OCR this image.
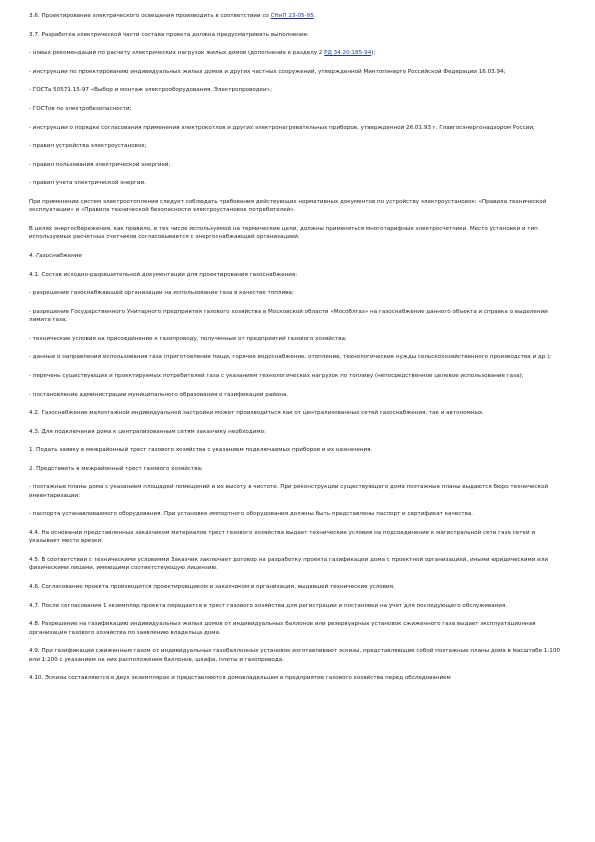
3.6. Проектирование электрического освещения производить в соответствии со СНиП 23-05-95.

3.7. Разработка электрической части состава проекта должна предусматривать выполнение:

- новых рекомендаций по расчету электрических нагрузок жилых домов (дополнение к разделу 2 РД 34.20.185-94);

- инструкции по проектированию индивидуальных жилых домов и других частных сооружений, утвержденной Минтопэнерго Российской Федерации 16.03.94;

- ГОСТа 50571.15-97 «Выбор и монтаж электрооборудования. Электропроводки»;

- ГОСТов по электробезопасности;

- инструкции о порядке согласования применения электрокотлов и других электронагревательных приборов, утвержденной 26.01.93 г. Главгосэнергонадзором России;

- правил устройства электроустановок;

- правил пользования электрической энергией;

- правил учета электрической энергии.

При применении систем электроотопления следует соблюдать требования действующих нормативных документов по устройству электроустановок: «Правила технической эксплуатации» и «Правила технической безопасности электроустановок потребителей».

В целях энергосбережения, как правило, в тех числе используемой на термические цели, должны применяться многотарифные электросчетчики. Место установки и тип используемых расчетных счетчиков согласовывается с энергоснабжающей организацией.

4. Газоснабжение

4.1. Состав исходно-разрешительной документации для проектирования газоснабжения:

- разрешение газоснабжающей организации на использование газа в качестве топлива;

- разрешение Государственного Унитарного предприятия газового хозяйства в Московской области «Мособлгаз» на газоснабжение данного объекта и справка о выделении лимита газа;

- технические условия на присоединение к газопроводу, полученные от предприятий газового хозяйства;

- данные о направлении использования газа (приготовление пищи, горячее водоснабжение, отопление, технологические нужды сельскохозяйственного производства и др.);

- перечень существующих и проектируемых потребителей газа с указанием технологических нагрузок по топливу (непосредственное целевое использование газа);

- постановление администрации муниципального образования о газификации района.

4.2. Газоснабжение малоэтажной индивидуальной застройки может производиться как от централизованных сетей газоснабжения, так и автономных.

4.3. Для подключения дома к централизованным сетям заказчику необходимо:

1. Подать заявку в межрайонный трест газового хозяйства с указанием подключаемых приборов и их назначения.

2. Представить в межрайонный трест газового хозяйства:

- поэтажные планы дома с указанием площадей помещений и их высоту в чистоте. При реконструкции существующего дома поэтажные планы выдаются бюро технической инвентаризации;

- паспорта устанавливаемого оборудования. При установке импортного оборудования должны быть представлены паспорт и сертификат качества.

4.4. На основании представленных заказчиком материалов трест газового хозяйства выдает технические условия на подсоединение к магистральной сети газа сетей и указывает место врезки.

4.5. В соответствии с техническими условиями Заказчик заключает договор на разработку проекта газификации дома с проектной организацией, иными юридическими или физическими лицами, имеющими соответствующую лицензию.

4.6. Согласование проекта производится проектировщиком и заказчиком в организации, выдавшей технические условия.

4.7. После согласования 1 экземпляр проекта передается в трест газового хозяйства для регистрации и постановки на учет для последующего обслуживания.

4.8. Разрешение на газификацию индивидуальных жилых домов от индивидуальных баллонов или резервуарных установок сжиженного газа выдает эксплуатационная организация газового хозяйства по заявлению владельца дома.

4.9. При газификации сжиженным газом от индивидуальных газобаллонных установок изготавливают эскизы, представляющие собой поэтажные планы дома в масштабе 1:100 или 1:200 с указанием на них расположения баллонов, шкафа, плиты и газопровода.

4.10. Эскизы составляются в двух экземплярах и представляются домовладельцем в предприятие газового хозяйства перед обследованием
